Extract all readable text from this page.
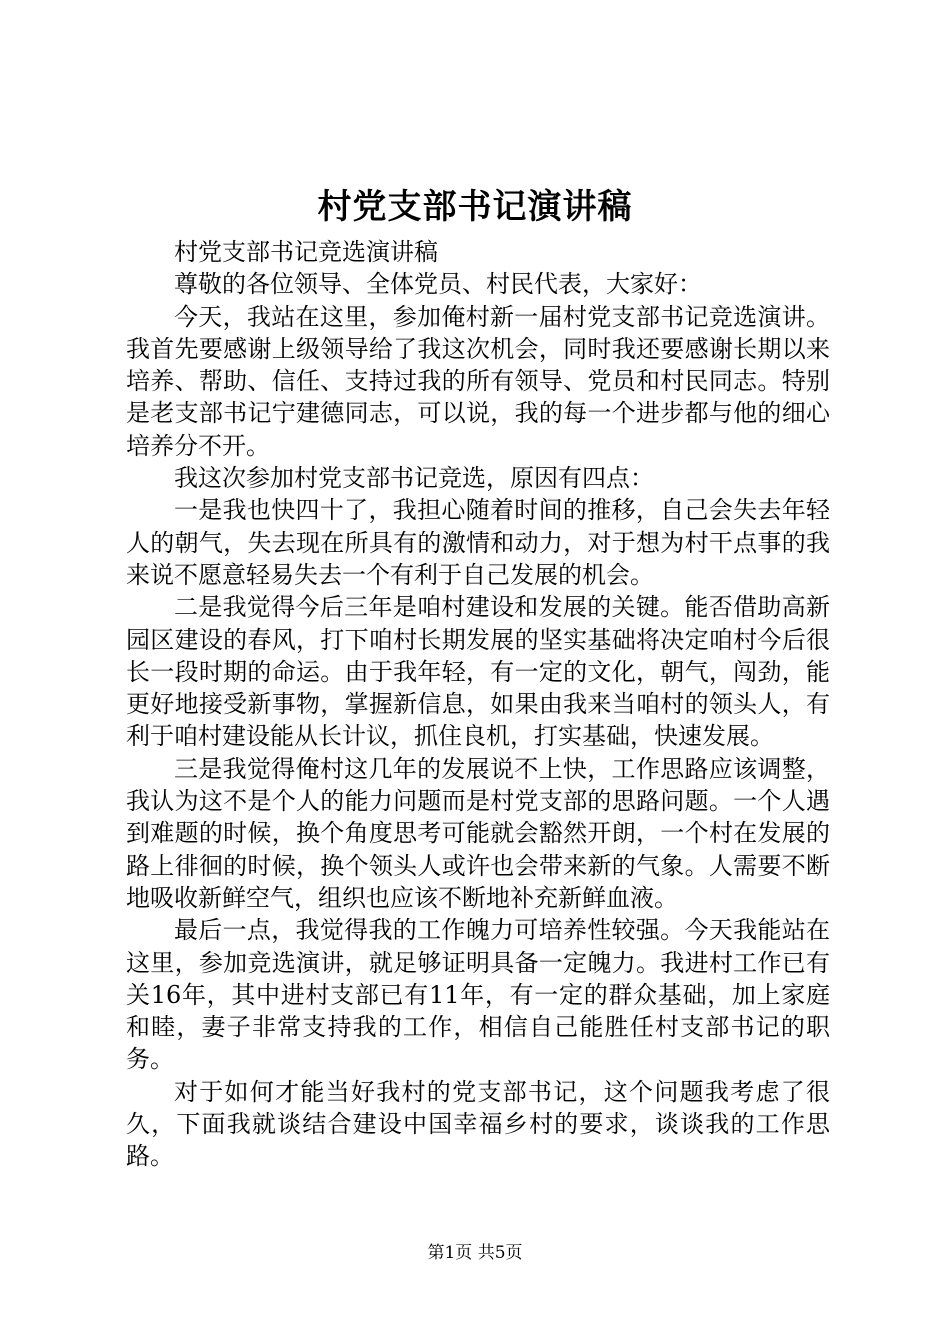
村党支部书记演讲稿

村党支部书记竞选演讲稿

尊敬的各位领导、全体党员、村民代表，大家好：

今天，我站在这里，参加俺村新一届村党支部书记竞选演讲。我首先要感谢上级领导给了我这次机会，同时我还要感谢长期以来培养、帮助、信任、支持过我的所有领导、党员和村民同志。特别是老支部书记宁建德同志，可以说，我的每一个进步都与他的细心培养分不开。

我这次参加村党支部书记竞选，原因有四点：

一是我也快四十了，我担心随着时间的推移，自己会失去年轻人的朝气，失去现在所具有的激情和动力，对于想为村干点事的我来说不愿意轻易失去一个有利于自己发展的机会。

二是我觉得今后三年是咱村建设和发展的关键。能否借助高新园区建设的春风，打下咱村长期发展的坚实基础将决定咱村今后很长一段时期的命运。由于我年轻，有一定的文化，朝气，闯劲，能更好地接受新事物，掌握新信息，如果由我来当咱村的领头人，有利于咱村建设能从长计议，抓住良机，打实基础，快速发展。

三是我觉得俺村这几年的发展说不上快，工作思路应该调整，我认为这不是个人的能力问题而是村党支部的思路问题。一个人遇到难题的时候，换个角度思考可能就会豁然开朗，一个村在发展的路上徘徊的时候，换个领头人或许也会带来新的气象。人需要不断地吸收新鲜空气，组织也应该不断地补充新鲜血液。

最后一点，我觉得我的工作魄力可培养性较强。今天我能站在这里，参加竞选演讲，就足够证明具备一定魄力。我进村工作已有关16年，其中进村支部已有11年，有一定的群众基础，加上家庭和睦，妻子非常支持我的工作，相信自己能胜任村支部书记的职务。

对于如何才能当好我村的党支部书记，这个问题我考虑了很久，下面我就谈结合建设中国幸福乡村的要求，谈谈我的工作思路。

第1页 共5页
